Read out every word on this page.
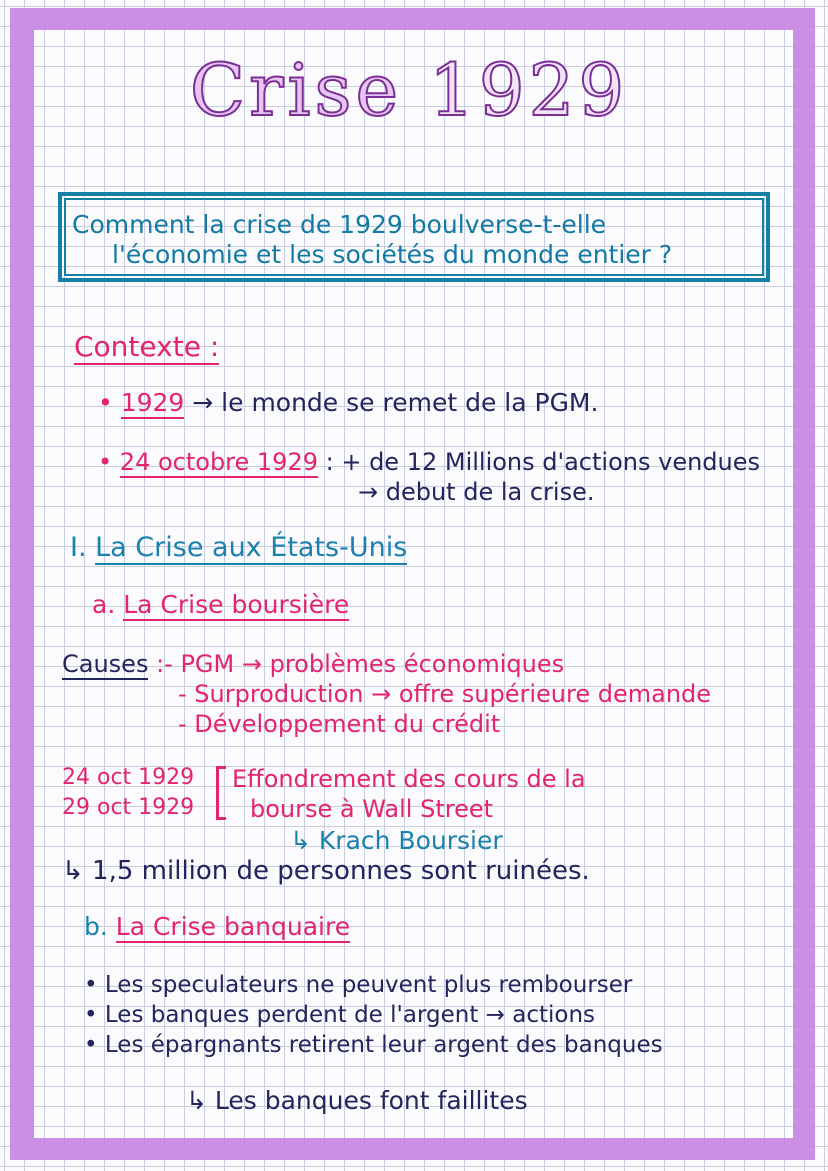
Crise 1929
Comment la crise de 1929 boulverse-t-elle
l'économie et les sociétés du monde entier ?
Contexte :
• 1929 → le monde se remet de la PGM.
• 24 octobre 1929 : + de 12 Millions d'actions vendues
→ debut de la crise.
I. La Crise aux États-Unis
a. La Crise boursière
Causes :- PGM → problèmes économiques
- Surproduction → offre supérieure demande
- Développement du crédit
24 oct 1929
29 oct 1929
Effondrement des cours de la
bourse à Wall Street
↳ Krach Boursier
↳ 1,5 million de personnes sont ruinées.
b. La Crise banquaire
• Les speculateurs ne peuvent plus rembourser
• Les banques perdent de l'argent → actions
• Les épargnants retirent leur argent des banques
↳ Les banques font faillites
